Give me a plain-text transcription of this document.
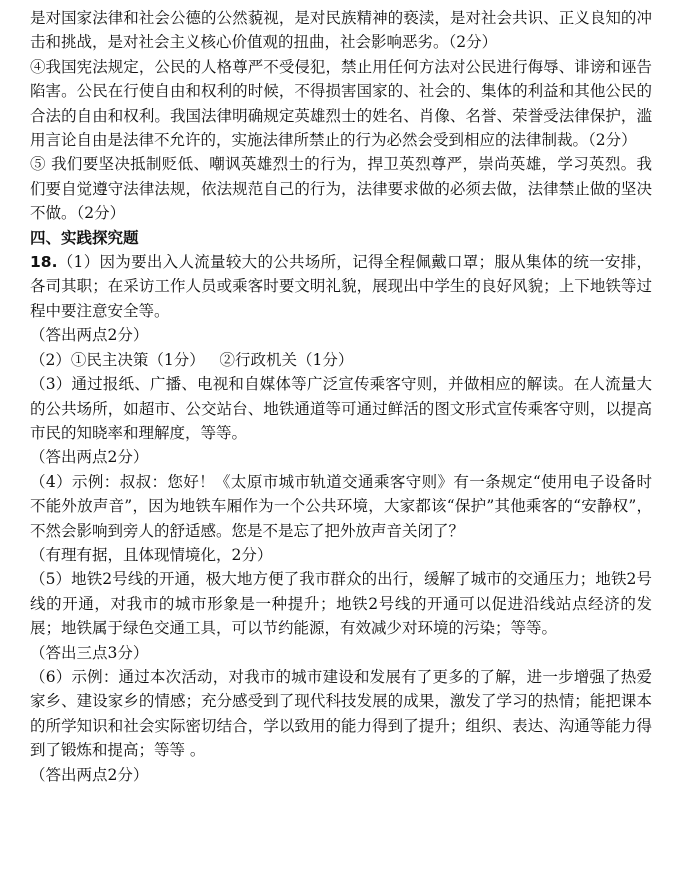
是对国家法律和社会公德的公然藐视，是对民族精神的亵渎，是对社会共识、正义良知的冲击和挑战，是对社会主义核心价值观的扭曲，社会影响恶劣。（2分）

④我国宪法规定，公民的人格尊严不受侵犯，禁止用任何方法对公民进行侮辱、诽谤和诬告陷害。公民在行使自由和权利的时候，不得损害国家的、社会的、集体的利益和其他公民的合法的自由和权利。我国法律明确规定英雄烈士的姓名、肖像、名誉、荣誉受法律保护，滥用言论自由是法律不允许的，实施法律所禁止的行为必然会受到相应的法律制裁。（2分）

⑤ 我们要坚决抵制贬低、嘲讽英雄烈士的行为，捍卫英烈尊严，崇尚英雄，学习英烈。我们要自觉遵守法律法规，依法规范自己的行为，法律要求做的必须去做，法律禁止做的坚决不做。（2分）

四、实践探究题

18.（1）因为要出入人流量较大的公共场所，记得全程佩戴口罩；服从集体的统一安排，各司其职；在采访工作人员或乘客时要文明礼貌，展现出中学生的良好风貌；上下地铁等过程中要注意安全等。

（答出两点2分）

（2）①民主决策（1分）   ②行政机关（1分）

（3）通过报纸、广播、电视和自媒体等广泛宣传乘客守则，并做相应的解读。在人流量大的公共场所，如超市、公交站台、地铁通道等可通过鲜活的图文形式宣传乘客守则，以提高市民的知晓率和理解度，等等。

（答出两点2分）

（4）示例：叔叔：您好！《太原市城市轨道交通乘客守则》有一条规定“使用电子设备时不能外放声音”，因为地铁车厢作为一个公共环境，大家都该“保护”其他乘客的“安静权”，不然会影响到旁人的舒适感。您是不是忘了把外放声音关闭了？

（有理有据，且体现情境化，2分）

（5）地铁2号线的开通，极大地方便了我市群众的出行，缓解了城市的交通压力；地铁2号线的开通，对我市的城市形象是一种提升；地铁2号线的开通可以促进沿线站点经济的发展；地铁属于绿色交通工具，可以节约能源，有效减少对环境的污染；等等。

（答出三点3分）

（6）示例：通过本次活动，对我市的城市建设和发展有了更多的了解，进一步增强了热爱家乡、建设家乡的情感；充分感受到了现代科技发展的成果，激发了学习的热情；能把课本的所学知识和社会实际密切结合，学以致用的能力得到了提升；组织、表达、沟通等能力得到了锻炼和提高；等等 。

（答出两点2分）
